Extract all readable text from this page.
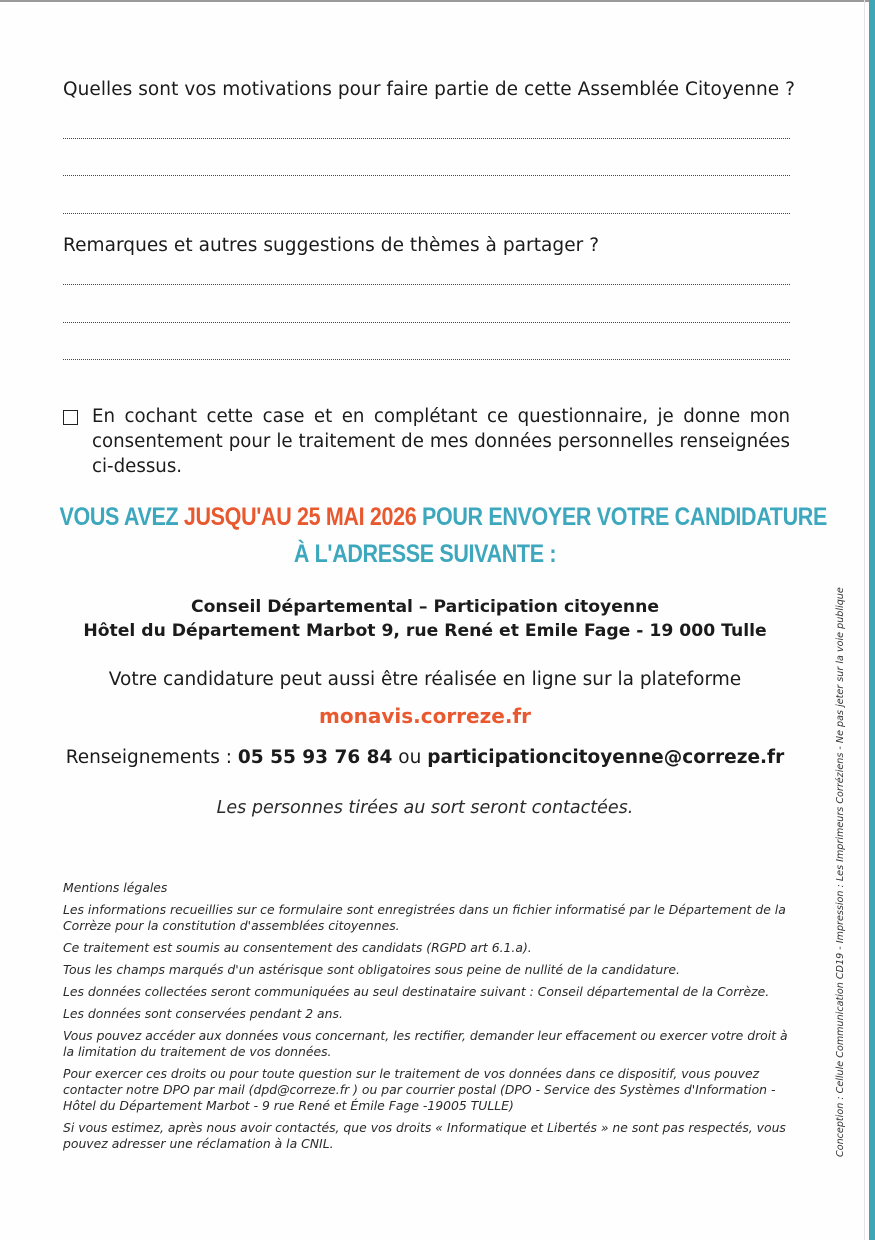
Quelles sont vos motivations pour faire partie de cette Assemblée Citoyenne ?
Remarques et autres suggestions de thèmes à partager ?
En cochant cette case et en complétant ce questionnaire, je donne mon consentement pour le traitement de mes données personnelles renseignées ci-dessus.
VOUS AVEZ JUSQU'AU 25 MAI 2026 POUR ENVOYER VOTRE CANDIDATURE
À L'ADRESSE SUIVANTE :
Conseil Départemental – Participation citoyenne
Hôtel du Département Marbot 9, rue René et Emile Fage - 19 000 Tulle
Votre candidature peut aussi être réalisée en ligne sur la plateforme
monavis.correze.fr
Renseignements : 05 55 93 76 84 ou participationcitoyenne@correze.fr
Les personnes tirées au sort seront contactées.

Mentions légales

Les informations recueillies sur ce formulaire sont enregistrées dans un fichier informatisé par le Département de la Corrèze pour la constitution d'assemblées citoyennes.

Ce traitement est soumis au consentement des candidats (RGPD art 6.1.a).

Tous les champs marqués d'un astérisque sont obligatoires sous peine de nullité de la candidature.

Les données collectées seront communiquées au seul destinataire suivant : Conseil départemental de la Corrèze.

Les données sont conservées pendant 2 ans.

Vous pouvez accéder aux données vous concernant, les rectifier, demander leur effacement ou exercer votre droit à la limitation du traitement de vos données.

Pour exercer ces droits ou pour toute question sur le traitement de vos données dans ce dispositif, vous pouvez contacter notre DPO par mail (dpd@correze.fr ) ou par courrier postal (DPO - Service des Systèmes d'Information - Hôtel du Département Marbot - 9 rue René et Émile Fage -19005 TULLE)

Si vous estimez, après nous avoir contactés, que vos droits « Informatique et Libertés » ne sont pas respectés, vous pouvez adresser une réclamation à la CNIL.	Conception : Cellule Communication CD19 - Impression : Les Imprimeurs Corréziens - Ne pas jeter sur la voie publique
